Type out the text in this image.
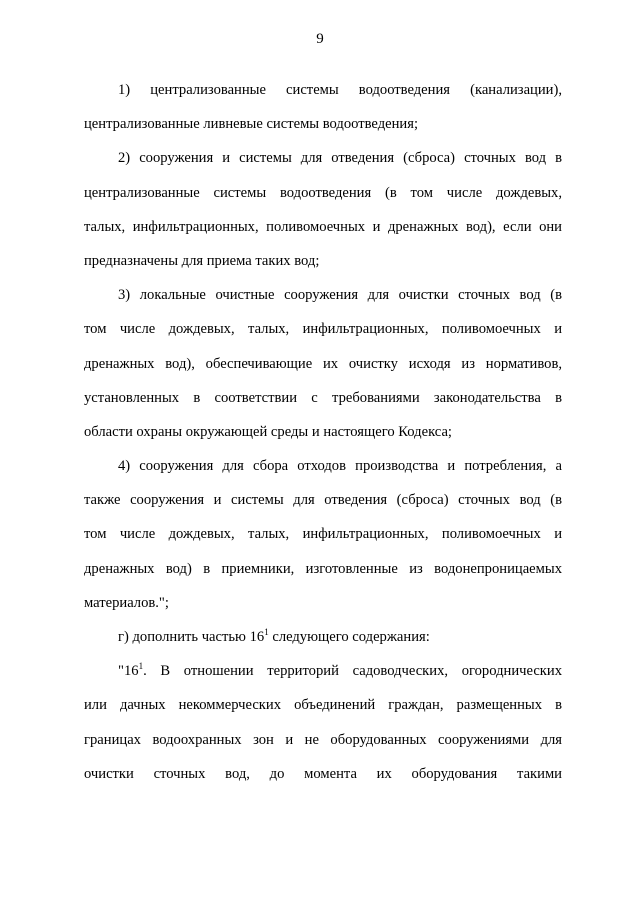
9
1) централизованные системы водоотведения (канализации),
централизованные ливневые системы водоотведения;
2) сооружения и системы для отведения (сброса) сточных вод в
централизованные системы водоотведения (в том числе дождевых,
талых, инфильтрационных, поливомоечных и дренажных вод), если они
предназначены для приема таких вод;
3) локальные очистные сооружения для очистки сточных вод (в
том числе дождевых, талых, инфильтрационных, поливомоечных и
дренажных вод), обеспечивающие их очистку исходя из нормативов,
установленных в соответствии с требованиями законодательства в
области охраны окружающей среды и настоящего Кодекса;
4) сооружения для сбора отходов производства и потребления, а
также сооружения и системы для отведения (сброса) сточных вод (в
том числе дождевых, талых, инфильтрационных, поливомоечных и
дренажных вод) в приемники, изготовленные из водонепроницаемых
материалов.";
г) дополнить частью $16^1$ следующего содержания:
"$16^1$. В отношении территорий садоводческих, огороднических
или дачных некоммерческих объединений граждан, размещенных в
границах водоохранных зон и не оборудованных сооружениями для
очистки сточных вод, до момента их оборудования такими
